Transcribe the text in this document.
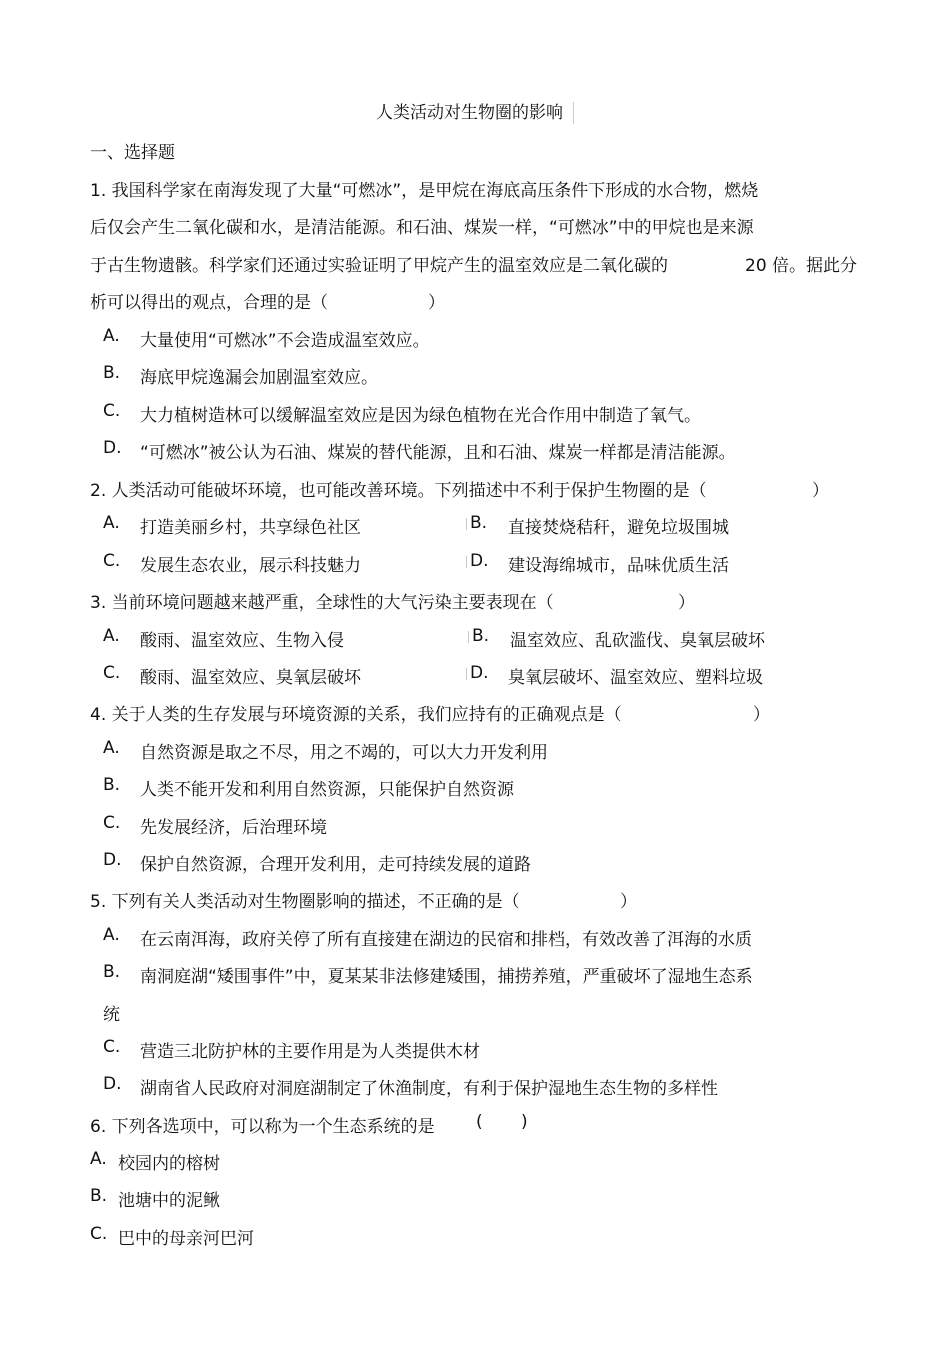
人类活动对生物圈的影响
一、选择题
1. 我国科学家在南海发现了大量“可燃冰”，是甲烷在海底高压条件下形成的水合物，燃烧
后仅会产生二氧化碳和水，是清洁能源。和石油、煤炭一样，“可燃冰”中的甲烷也是来源
于古生物遗骸。科学家们还通过实验证明了甲烷产生的温室效应是二氧化碳的	20 倍。据此分
析可以得出的观点，合理的是（	）
A. 大量使用“可燃冰”不会造成温室效应。
B. 海底甲烷逸漏会加剧温室效应。
C. 大力植树造林可以缓解温室效应是因为绿色植物在光合作用中制造了氧气。
D. “可燃冰”被公认为石油、煤炭的替代能源，且和石油、煤炭一样都是清洁能源。
2. 人类活动可能破坏环境，也可能改善环境。下列描述中不利于保护生物圈的是（	）
A. 打造美丽乡村，共享绿色社区	B. 直接焚烧秸秆，避免垃圾围城
C. 发展生态农业，展示科技魅力	D. 建设海绵城市，品味优质生活
3. 当前环境问题越来越严重，全球性的大气污染主要表现在（	）
A. 酸雨、温室效应、生物入侵	B. 温室效应、乱砍滥伐、臭氧层破坏
C. 酸雨、温室效应、臭氧层破坏	D. 臭氧层破坏、温室效应、塑料垃圾
4. 关于人类的生存发展与环境资源的关系，我们应持有的正确观点是（	）
A. 自然资源是取之不尽，用之不竭的，可以大力开发利用
B. 人类不能开发和利用自然资源，只能保护自然资源
C. 先发展经济，后治理环境
D. 保护自然资源，合理开发利用，走可持续发展的道路
5. 下列有关人类活动对生物圈影响的描述，不正确的是（	）
A. 在云南洱海，政府关停了所有直接建在湖边的民宿和排档，有效改善了洱海的水质
B. 南洞庭湖“矮围事件”中，夏某某非法修建矮围，捕捞养殖，严重破坏了湿地生态系
统
C. 营造三北防护林的主要作用是为人类提供木材
D. 湖南省人民政府对洞庭湖制定了休渔制度，有利于保护湿地生态生物的多样性
6. 下列各选项中，可以称为一个生态系统的是 ( )
A. 校园内的榕树
B. 池塘中的泥鳅
C. 巴中的母亲河巴河
